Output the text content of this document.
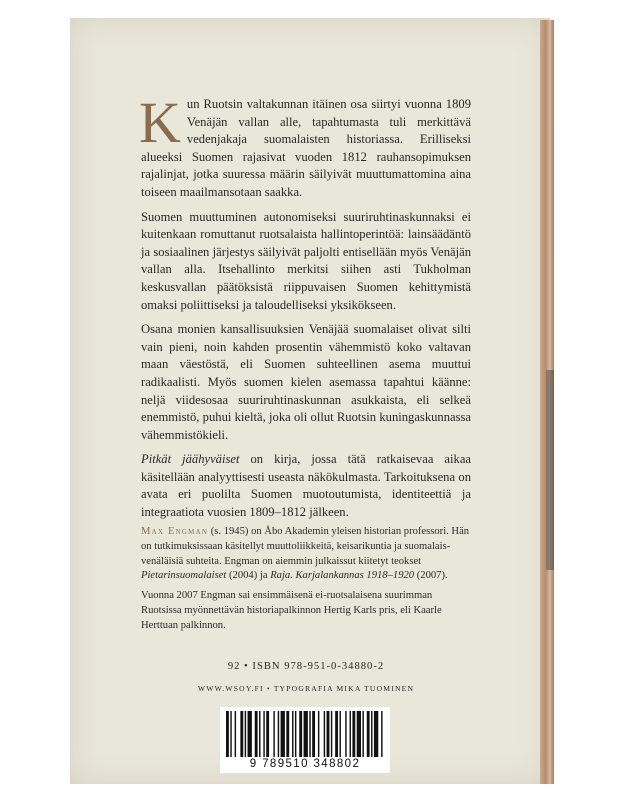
Kun Ruotsin valtakunnan itäinen osa siirtyi vuonna 1809 Venäjän vallan alle, tapahtumasta tuli merkittävä vedenjakaja suomalaisten historiassa. Erilliseksi alueeksi Suomen rajasivat vuoden 1812 rauhansopimuksen rajalinjat, jotka suuressa määrin säilyivät muuttumattomina aina toiseen maailmansotaan saakka.

Suomen muuttuminen autonomiseksi suuriruhtinaskunnaksi ei kuitenkaan romuttanut ruotsalaista hallintoperintöä: lainsäädäntö ja sosiaalinen järjestys säilyivät paljolti entisellään myös Venäjän vallan alla. Itsehallinto merkitsi siihen asti Tukholman keskusvallan päätöksistä riippuvaisen Suomen kehittymistä omaksi poliittiseksi ja taloudelliseksi yksikökseen.

Osana monien kansallisuuksien Venäjää suomalaiset olivat silti vain pieni, noin kahden prosentin vähemmistö koko valtavan maan väestöstä, eli Suomen suhteellinen asema muuttui radikaalisti. Myös suomen kielen asemassa tapahtui käänne: neljä viidesosaa suuriruhtinaskunnan asukkaista, eli selkeä enemmistö, puhui kieltä, joka oli ollut Ruotsin kuningaskunnassa vähemmistökieli.

Pitkät jäähyväiset on kirja, jossa tätä ratkaisevaa aikaa käsitellään analyyttisesti useasta näkökulmasta. Tarkoituksena on avata eri puolilta Suomen muotoutumista, identiteettiä ja integraatiota vuosien 1809–1812 jälkeen.

Max Engman (s. 1945) on Åbo Akademin yleisen historian professori. Hän on tutkimuksissaan käsitellyt muuttoliikkeitä, keisarikuntia ja suomalais-venäläisiä suhteita. Engman on aiemmin julkaissut kiitetyt teokset Pietarinsuomalaiset (2004) ja Raja. Karjalankannas 1918–1920 (2007).

Vuonna 2007 Engman sai ensimmäisenä ei-ruotsalaisena suurimman Ruotsissa myönnettävän historiapalkinnon Hertig Karls pris, eli Kaarle Herttuan palkinnon.

92 • ISBN 978-951-0-34880-2
WWW.WSOY.FI • TYPOGRAFIA MIKA TUOMINEN
9 789510 348802
